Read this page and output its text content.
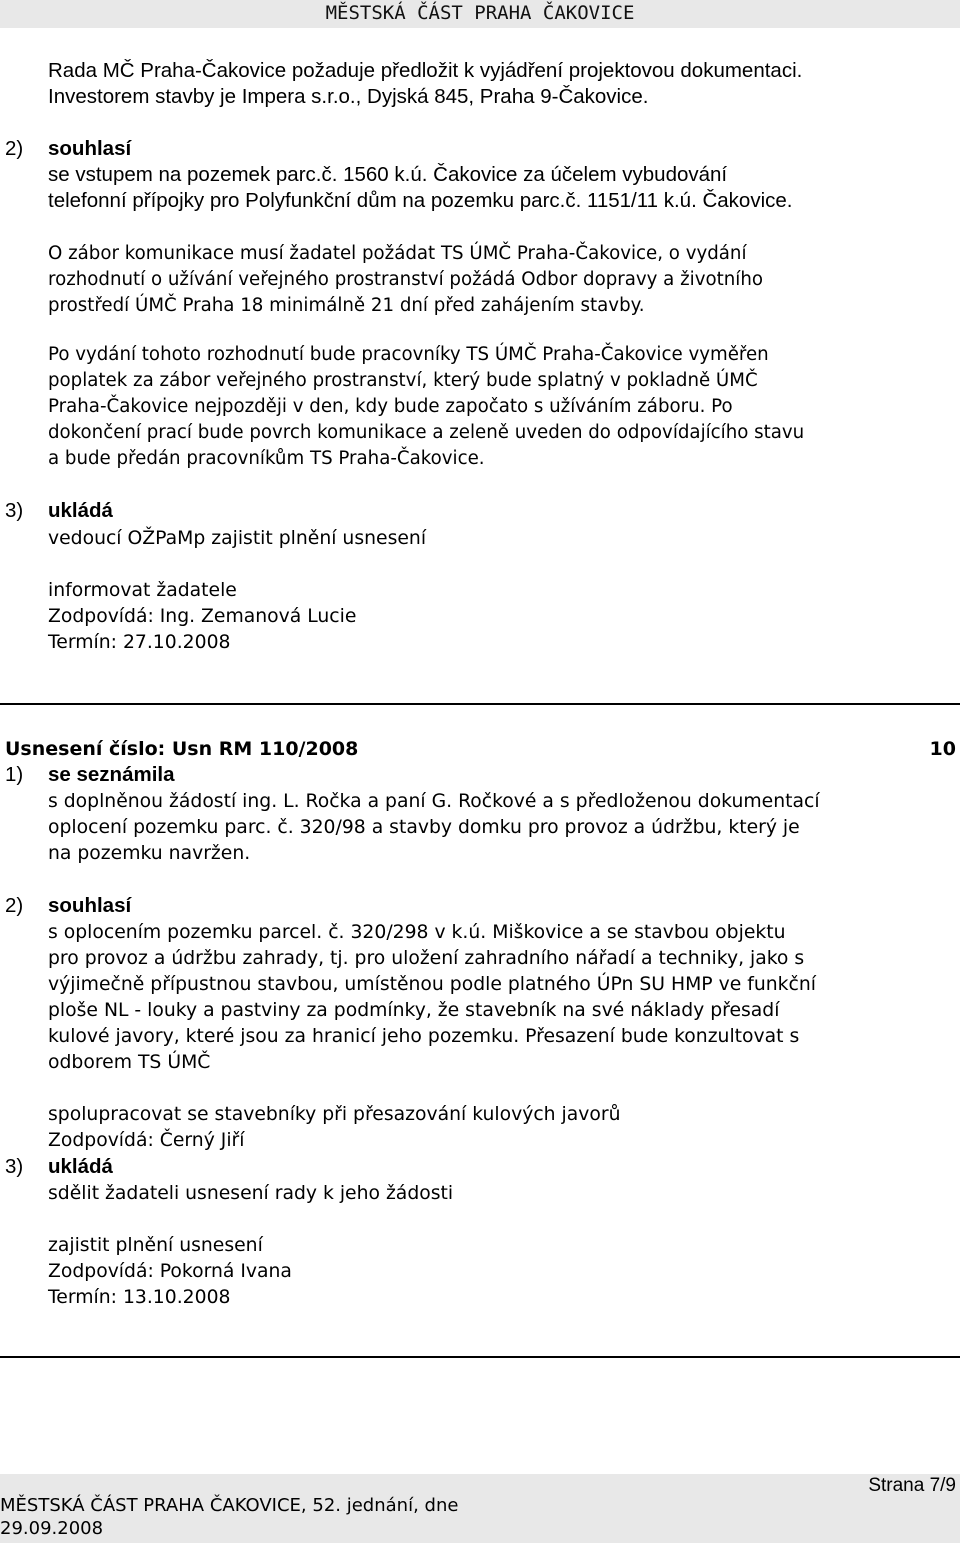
MĚSTSKÁ ČÁST PRAHA ČAKOVICE

Rada MČ Praha-Čakovice požaduje předložit k vyjádření projektovou dokumentaci.

Investorem stavby je Impera s.r.o., Dyjská 845, Praha 9-Čakovice.

2) souhlasí

se vstupem na pozemek parc.č. 1560 k.ú. Čakovice za účelem vybudování

telefonní přípojky pro Polyfunkční dům na pozemku parc.č. 1151/11 k.ú. Čakovice.

O zábor komunikace musí žadatel požádat TS ÚMČ Praha-Čakovice, o vydání

rozhodnutí o užívání veřejného prostranství požádá Odbor dopravy a životního

prostředí ÚMČ Praha 18 minimálně 21 dní před zahájením stavby.

Po vydání tohoto rozhodnutí bude pracovníky TS ÚMČ Praha-Čakovice vyměřen

poplatek za zábor veřejného prostranství, který bude splatný v pokladně ÚMČ

Praha-Čakovice nejpozději v den, kdy bude započato s užíváním záboru. Po

dokončení prací bude povrch komunikace a zeleně uveden do odpovídajícího stavu

a bude předán pracovníkům TS Praha-Čakovice.

3) ukládá

vedoucí OŽPaMp zajistit plnění usnesení

informovat žadatele

Zodpovídá: Ing. Zemanová Lucie

Termín: 27.10.2008

Usnesení číslo: Usn RM 110/2008	10
1) se seznámila

s doplněnou žádostí ing. L. Ročka a paní G. Ročkové a s předloženou dokumentací

oplocení pozemku parc. č. 320/98 a stavby domku pro provoz a údržbu, který je

na pozemku navržen.

2) souhlasí

s oplocením pozemku parcel. č. 320/298 v k.ú. Miškovice a se stavbou objektu

pro provoz a údržbu zahrady, tj. pro uložení zahradního nářadí a techniky, jako s

výjimečně přípustnou stavbou, umístěnou podle platného ÚPn SU HMP ve funkční

ploše NL - louky a pastviny za podmínky, že stavebník na své náklady přesadí

kulové javory, které jsou za hranicí jeho pozemku. Přesazení bude konzultovat s

odborem TS ÚMČ

spolupracovat se stavebníky při přesazování kulových javorů

Zodpovídá: Černý Jiří

3) ukládá

sdělit žadateli usnesení rady k jeho žádosti

zajistit plnění usnesení

Zodpovídá: Pokorná Ivana

Termín: 13.10.2008

MĚSTSKÁ ČÁST PRAHA ČAKOVICE, 52. jednání, dne

29.09.2008

Strana 7/9
